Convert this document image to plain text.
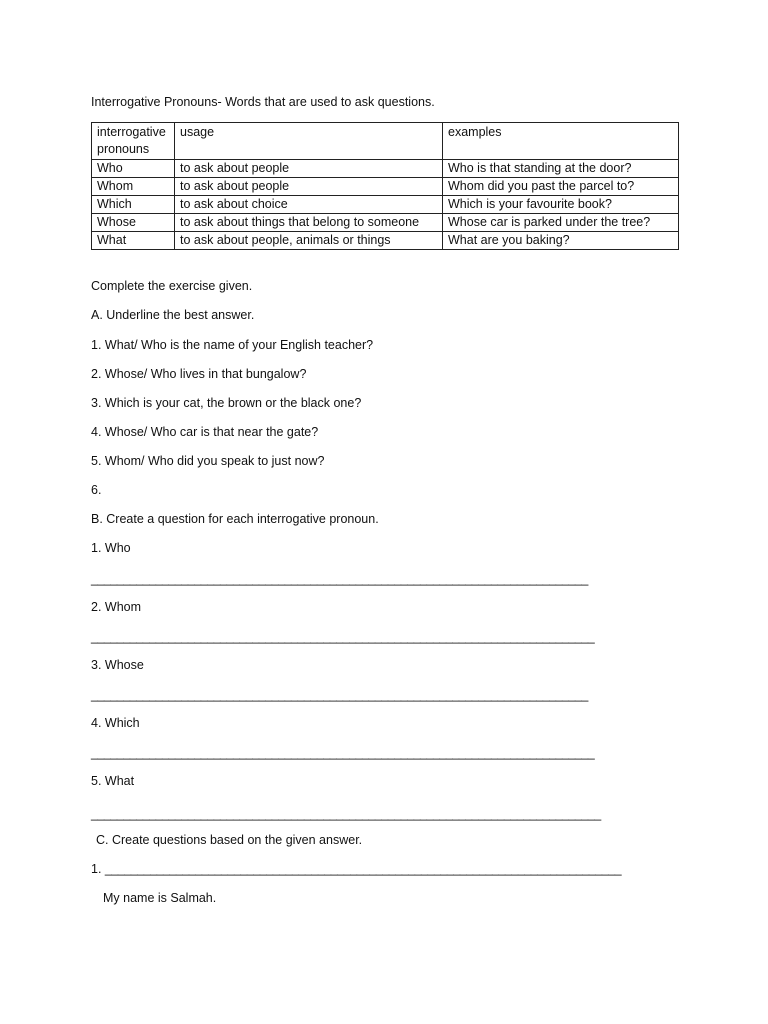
Interrogative Pronouns- Words that are used to ask questions.
interrogative pronouns	usage	examples
Who	to ask about people	Who is that standing at the door?
Whom	to ask about people	Whom did you past the parcel to?
Which	to ask about choice	Which is your favourite book?
Whose	to ask about things that belong to someone	Whose car is parked under the tree?
What	to ask about people, animals or things	What are you baking?
Complete the exercise given.
A. Underline the best answer.
1. What/ Who is the name of your English teacher?
2. Whose/ Who lives in that bungalow?
3. Which is your cat, the brown or the black one?
4. Whose/ Who car is that near the gate?
5. Whom/ Who did you speak to just now?
6.
B. Create a question for each interrogative pronoun.
1. Who
_____________________________________________________________________________
2. Whom
______________________________________________________________________________
3. Whose
_____________________________________________________________________________
4. Which
______________________________________________________________________________
5. What
_______________________________________________________________________________
C. Create questions based on the given answer.
1. ________________________________________________________________________________
My name is Salmah.
